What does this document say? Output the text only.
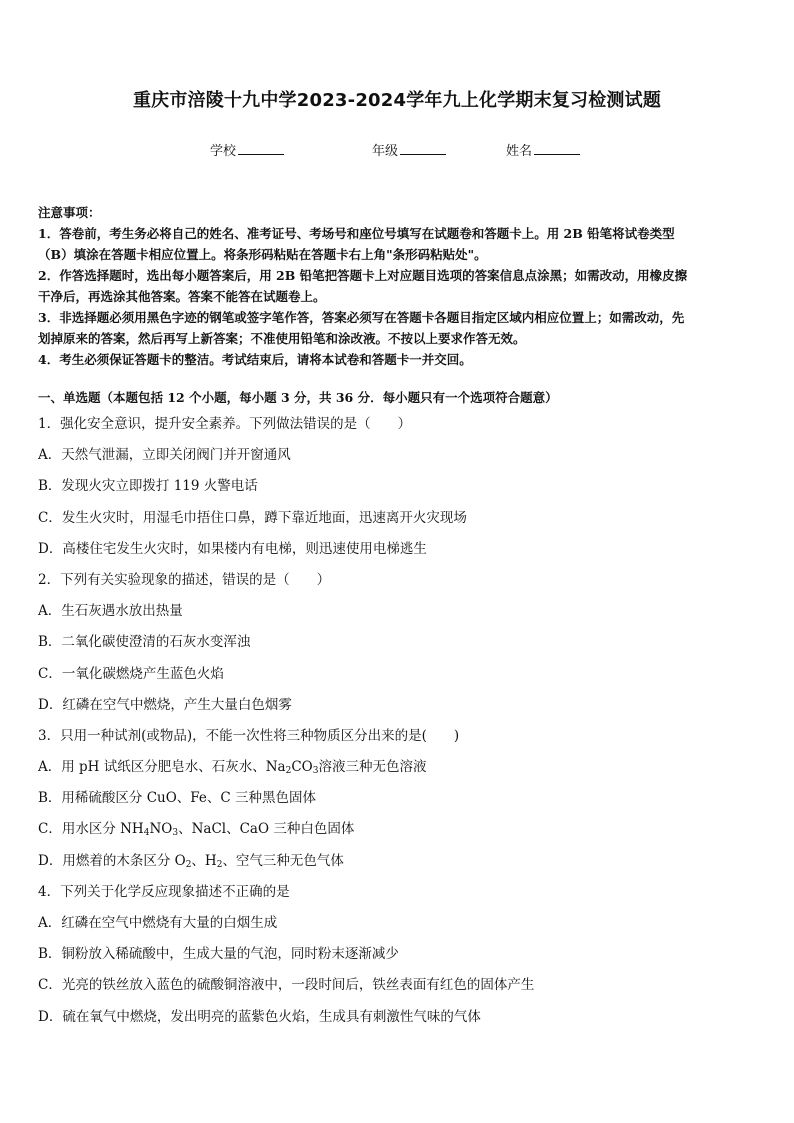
重庆市涪陵十九中学2023-2024学年九上化学期末复习检测试题
学校	年级	姓名

注意事项：

1．答卷前，考生务必将自己的姓名、准考证号、考场号和座位号填写在试题卷和答题卡上。用 2B 铅笔将试卷类型

（B）填涂在答题卡相应位置上。将条形码粘贴在答题卡右上角"条形码粘贴处"。

2．作答选择题时，选出每小题答案后，用 2B 铅笔把答题卡上对应题目选项的答案信息点涂黑；如需改动，用橡皮擦

干净后，再选涂其他答案。答案不能答在试题卷上。

3．非选择题必须用黑色字迹的钢笔或签字笔作答，答案必须写在答题卡各题目指定区域内相应位置上；如需改动，先

划掉原来的答案，然后再写上新答案；不准使用铅笔和涂改液。不按以上要求作答无效。

4．考生必须保证答题卡的整洁。考试结束后，请将本试卷和答题卡一并交回。

一、单选题（本题包括 12 个小题，每小题 3 分，共 36 分．每小题只有一个选项符合题意）
1．强化安全意识，提升安全素养。下列做法错误的是（　　）
A．天然气泄漏，立即关闭阀门并开窗通风
B．发现火灾立即拨打 119 火警电话
C．发生火灾时，用湿毛巾捂住口鼻，蹲下靠近地面，迅速离开火灾现场
D．高楼住宅发生火灾时，如果楼内有电梯，则迅速使用电梯逃生
2．下列有关实验现象的描述，错误的是（　　）
A．生石灰遇水放出热量
B．二氧化碳使澄清的石灰水变浑浊
C．一氧化碳燃烧产生蓝色火焰
D．红磷在空气中燃烧，产生大量白色烟雾
3．只用一种试剂(或物品)，不能一次性将三种物质区分出来的是(　　)
A．用 pH 试纸区分肥皂水、石灰水、$Na_2CO_3$溶液三种无色溶液
B．用稀硫酸区分 CuO、Fe、C 三种黑色固体
C．用水区分 $NH_4NO_3$、NaCl、CaO 三种白色固体
D．用燃着的木条区分 $O_2$、$H_2$、空气三种无色气体
4．下列关于化学反应现象描述不正确的是
A．红磷在空气中燃烧有大量的白烟生成
B．铜粉放入稀硫酸中，生成大量的气泡，同时粉末逐渐减少
C．光亮的铁丝放入蓝色的硫酸铜溶液中，一段时间后，铁丝表面有红色的固体产生
D．硫在氧气中燃烧，发出明亮的蓝紫色火焰，生成具有刺激性气味的气体
